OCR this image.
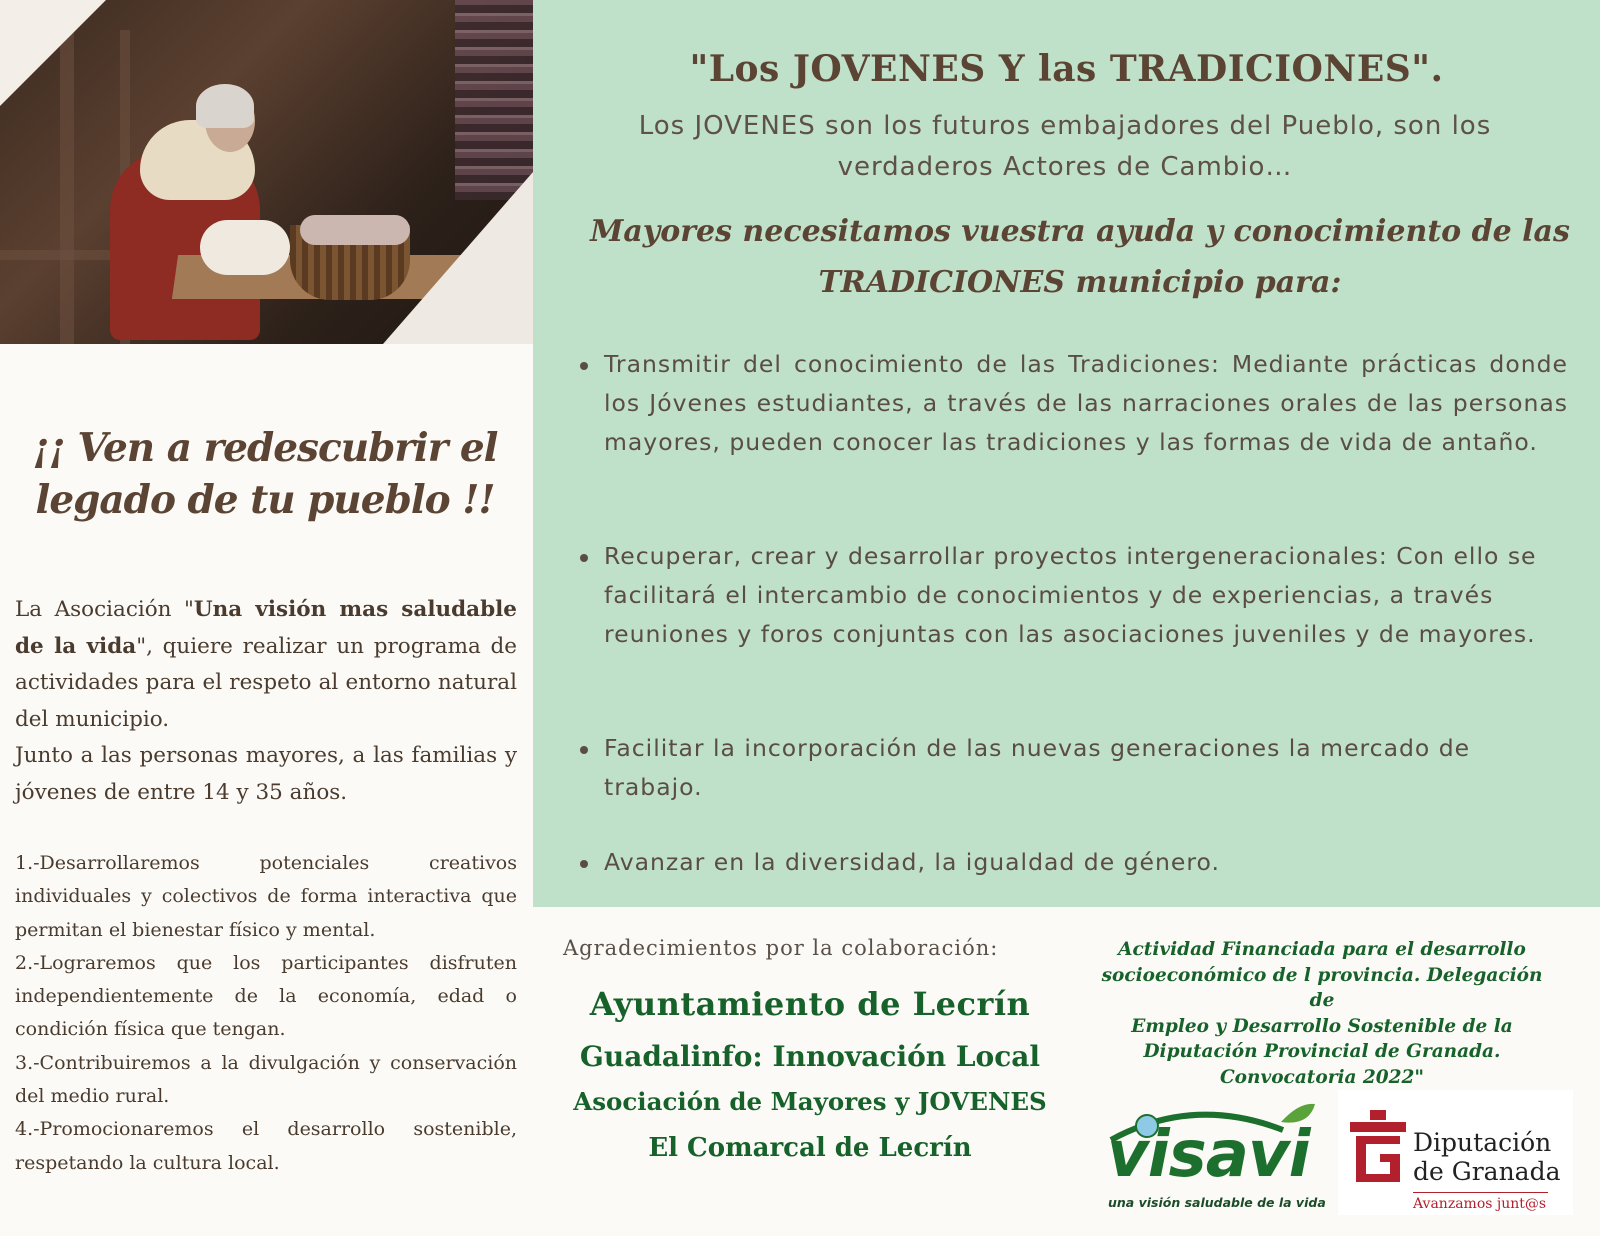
"Los JOVENES Y las TRADICIONES".
Los JOVENES son los futuros embajadores del Pueblo, son los verdaderos Actores de Cambio…
Mayores necesitamos vuestra ayuda y conocimiento de las
TRADICIONES municipio para:
Transmitir del conocimiento de las Tradiciones: Mediante prácticas donde los Jóvenes estudiantes, a través de las narraciones orales de las personas mayores, pueden conocer las tradiciones y las formas de vida de antaño.
Recuperar, crear y desarrollar proyectos intergeneracionales: Con ello se facilitará el intercambio de conocimientos y de experiencias, a través reuniones y foros conjuntas con las asociaciones juveniles y de mayores.
Facilitar la incorporación de las nuevas generaciones la mercado de trabajo.
Avanzar en la diversidad, la igualdad de género.
¡¡ Ven a redescubrir el
legado de tu pueblo !!
La Asociación "Una visión mas saludable de la vida", quiere realizar un programa de actividades para el respeto al entorno natural del municipio.
Junto a las personas mayores, a las familias y jóvenes de entre 14 y 35 años.

1.-Desarrollaremos potenciales creativos individuales y colectivos de forma interactiva que permitan el bienestar físico y mental.

2.-Lograremos que los participantes disfruten independientemente de la economía, edad o condición física que tengan.

3.-Contribuiremos a la divulgación y conservación del medio rural.

4.-Promocionaremos el desarrollo sostenible, respetando la cultura local.

Agradecimientos por la colaboración:
Ayuntamiento de Lecrín
Guadalinfo: Innovación Local
Asociación de Mayores y JOVENES
El Comarcal de Lecrín
Actividad Financiada para el desarrollo
socioeconómico de l provincia. Delegación de
Empleo y Desarrollo Sostenible de la
Diputación Provincial de Granada.
Convocatoria 2022"
visavi
una visión saludable de la vida
Diputación
de Granada
Avanzamos junt@s
